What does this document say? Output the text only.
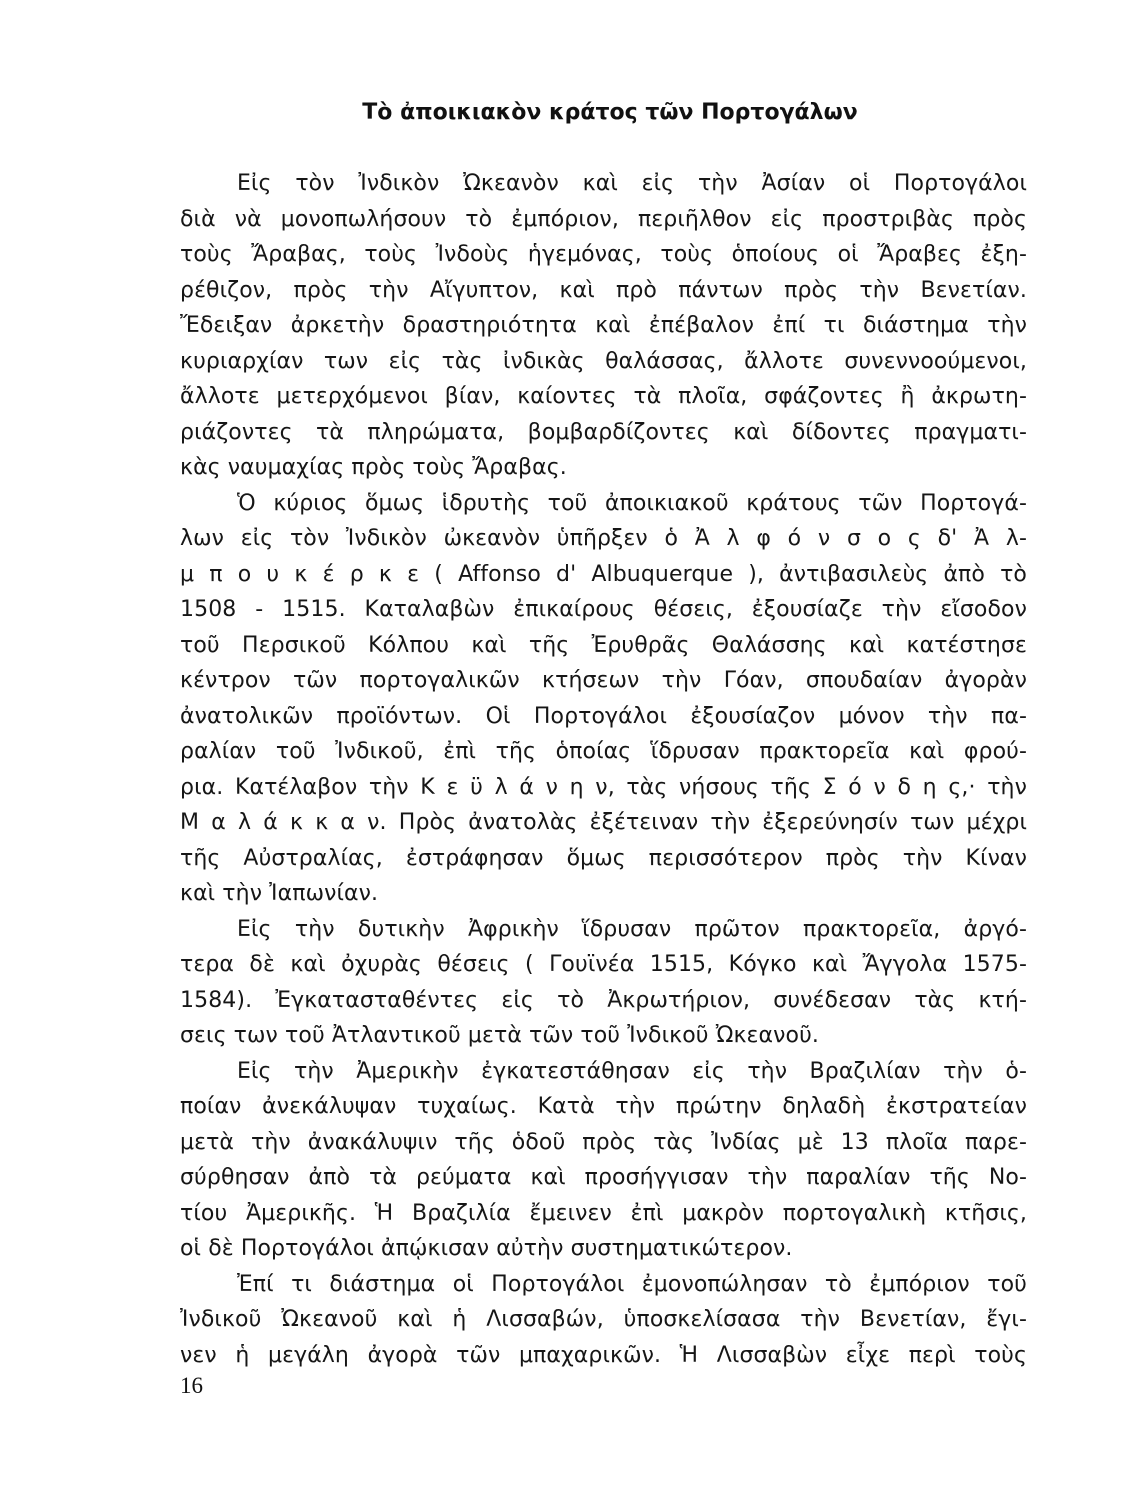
Τὸ ἀποικιακὸν κράτος τῶν Πορτογάλων
Εἰς τὸν Ἰνδικὸν Ὠκεανὸν καὶ εἰς τὴν Ἀσίαν οἱ Πορτογάλοι
διὰ νὰ μονοπωλήσουν τὸ ἐμπόριον, περιῆλθον εἰς προστριβὰς πρὸς
τοὺς Ἄραβας, τοὺς Ἰνδοὺς ἡγεμόνας, τοὺς ὁποίους οἱ Ἄραβες ἐξη-
ρέθιζον, πρὸς τὴν Αἴγυπτον, καὶ πρὸ πάντων πρὸς τὴν Βενετίαν.
Ἔδειξαν ἀρκετὴν δραστηριότητα καὶ ἐπέβαλον ἐπί τι διάστημα τὴν
κυριαρχίαν των εἰς τὰς ἰνδικὰς θαλάσσας, ἄλλοτε συνεννοούμενοι,
ἄλλοτε μετερχόμενοι βίαν, καίοντες τὰ πλοῖα, σφάζοντες ἢ ἀκρωτη-
ριάζοντες τὰ πληρώματα, βομβαρδίζοντες καὶ δίδοντες πραγματι-
κὰς ναυμαχίας πρὸς τοὺς Ἄραβας.
Ὁ κύριος ὅμως ἱδρυτὴς τοῦ ἀποικιακοῦ κράτους τῶν Πορτογά-
λων εἰς τὸν Ἰνδικὸν ὠκεανὸν ὑπῆρξεν ὁ Ἀ λ φ ό ν σ ο ς δ' Ἀ λ-
μ π ο υ κ έ ρ κ ε ( Affonso d' Albuquerque ), ἀντιβασιλεὺς ἀπὸ τὸ
1508 - 1515. Καταλαβὼν ἐπικαίρους θέσεις, ἐξουσίαζε τὴν εἴσοδον
τοῦ Περσικοῦ Κόλπου καὶ τῆς Ἐρυθρᾶς Θαλάσσης καὶ κατέστησε
κέντρον τῶν πορτογαλικῶν κτήσεων τὴν Γόαν, σπουδαίαν ἀγορὰν
ἀνατολικῶν προϊόντων. Οἱ Πορτογάλοι ἐξουσίαζον μόνον τὴν πα-
ραλίαν τοῦ Ἰνδικοῦ, ἐπὶ τῆς ὁποίας ἵδρυσαν πρακτορεῖα καὶ φρού-
ρια. Κατέλαβον τὴν Κ ε ϋ λ ά ν η ν, τὰς νήσους τῆς Σ ό ν δ η ς,· τὴν
Μ α λ ά κ κ α ν. Πρὸς ἀνατολὰς ἐξέτειναν τὴν ἐξερεύνησίν των μέχρι
τῆς Αὐστραλίας, ἐστράφησαν ὅμως περισσότερον πρὸς τὴν Κίναν
καὶ τὴν Ἰαπωνίαν.
Εἰς τὴν δυτικὴν Ἀφρικὴν ἵδρυσαν πρῶτον πρακτορεῖα, ἀργό-
τερα δὲ καὶ ὀχυρὰς θέσεις ( Γουϊνέα 1515, Κόγκο καὶ Ἄγγολα 1575-
1584). Ἐγκατασταθέντες εἰς τὸ Ἀκρωτήριον, συνέδεσαν τὰς κτή-
σεις των τοῦ Ἀτλαντικοῦ μετὰ τῶν τοῦ Ἰνδικοῦ Ὠκεανοῦ.
Εἰς τὴν Ἀμερικὴν ἐγκατεστάθησαν εἰς τὴν Βραζιλίαν τὴν ὁ-
ποίαν ἀνεκάλυψαν τυχαίως. Κατὰ τὴν πρώτην δηλαδὴ ἐκστρατείαν
μετὰ τὴν ἀνακάλυψιν τῆς ὁδοῦ πρὸς τὰς Ἰνδίας μὲ 13 πλοῖα παρε-
σύρθησαν ἀπὸ τὰ ρεύματα καὶ προσήγγισαν τὴν παραλίαν τῆς Νο-
τίου Ἀμερικῆς. Ἡ Βραζιλία ἔμεινεν ἐπὶ μακρὸν πορτογαλικὴ κτῆσις,
οἱ δὲ Πορτογάλοι ἀπῴκισαν αὐτὴν συστηματικώτερον.
Ἐπί τι διάστημα οἱ Πορτογάλοι ἐμονοπώλησαν τὸ ἐμπόριον τοῦ
Ἰνδικοῦ Ὠκεανοῦ καὶ ἡ Λισσαβών, ὑποσκελίσασα τὴν Βενετίαν, ἔγι-
νεν ἡ μεγάλη ἀγορὰ τῶν μπαχαρικῶν. Ἡ Λισσαβὼν εἶχε περὶ τοὺς
16
